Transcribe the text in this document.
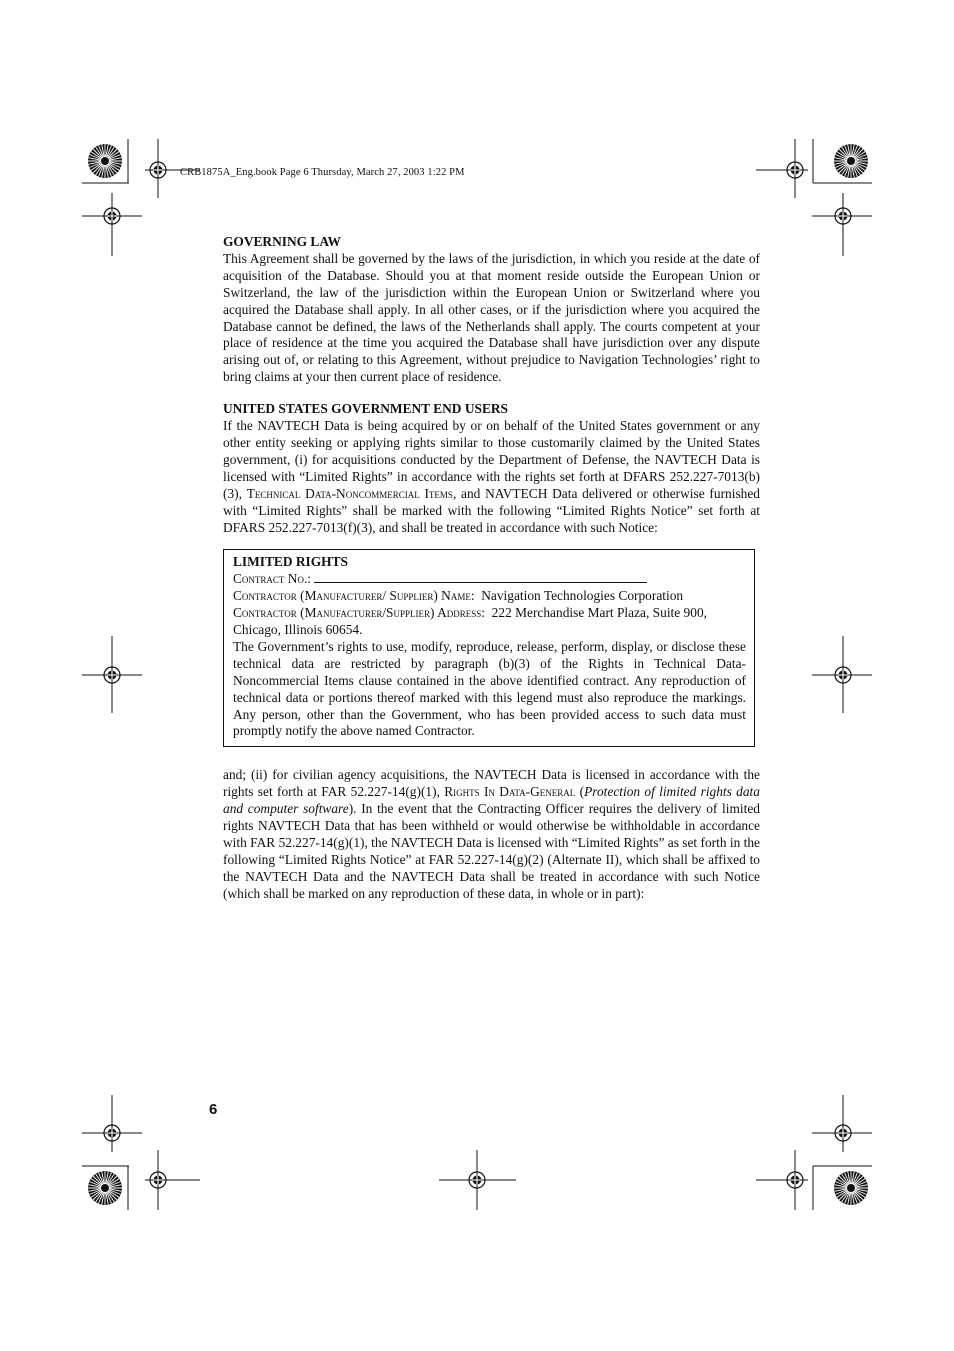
CRB1875A_Eng.book Page 6 Thursday, March 27, 2003 1:22 PM
GOVERNING LAW

This Agreement shall be governed by the laws of the jurisdiction, in which you reside at the date of acquisition of the Database. Should you at that moment reside outside the European Union or Switzerland, the law of the jurisdiction within the European Union or Switzerland where you acquired the Database shall apply. In all other cases, or if the jurisdiction where you acquired the Database cannot be defined, the laws of the Netherlands shall apply. The courts competent at your place of residence at the time you acquired the Database shall have jurisdiction over any dispute arising out of, or relating to this Agreement, without prejudice to Navigation Technologies’ right to bring claims at your then current place of residence.

UNITED STATES GOVERNMENT END USERS

If the NAVTECH Data is being acquired by or on behalf of the United States government or any other entity seeking or applying rights similar to those customarily claimed by the United States government, (i) for acquisitions conducted by the Department of Defense, the NAVTECH Data is licensed with “Limited Rights” in accordance with the rights set forth at DFARS 252.227-7013(b)(3), Technical Data-Noncommercial Items, and NAVTECH Data delivered or otherwise furnished with “Limited Rights” shall be marked with the following “Limited Rights Notice” set forth at DFARS 252.227-7013(f)(3), and shall be treated in accordance with such Notice:

LIMITED RIGHTS

Contract No.:

Contractor (Manufacturer/ Supplier) Name: Navigation Technologies Corporation

Contractor (Manufacturer/Supplier) Address: 222 Merchandise Mart Plaza, Suite 900, Chicago, Illinois 60654.

The Government’s rights to use, modify, reproduce, release, perform, display, or disclose these technical data are restricted by paragraph (b)(3) of the Rights in Technical Data-Noncommercial Items clause contained in the above identified contract. Any reproduction of technical data or portions thereof marked with this legend must also reproduce the markings. Any person, other than the Government, who has been provided access to such data must promptly notify the above named Contractor.

and; (ii) for civilian agency acquisitions, the NAVTECH Data is licensed in accordance with the rights set forth at FAR 52.227-14(g)(1), Rights In Data-General (Protection of limited rights data and computer software). In the event that the Contracting Officer requires the delivery of limited rights NAVTECH Data that has been withheld or would otherwise be withholdable in accordance with FAR 52.227-14(g)(1), the NAVTECH Data is licensed with “Limited Rights” as set forth in the following “Limited Rights Notice” at FAR 52.227-14(g)(2) (Alternate II), which shall be affixed to the NAVTECH Data and the NAVTECH Data shall be treated in accordance with such Notice (which shall be marked on any reproduction of these data, in whole or in part):

6
